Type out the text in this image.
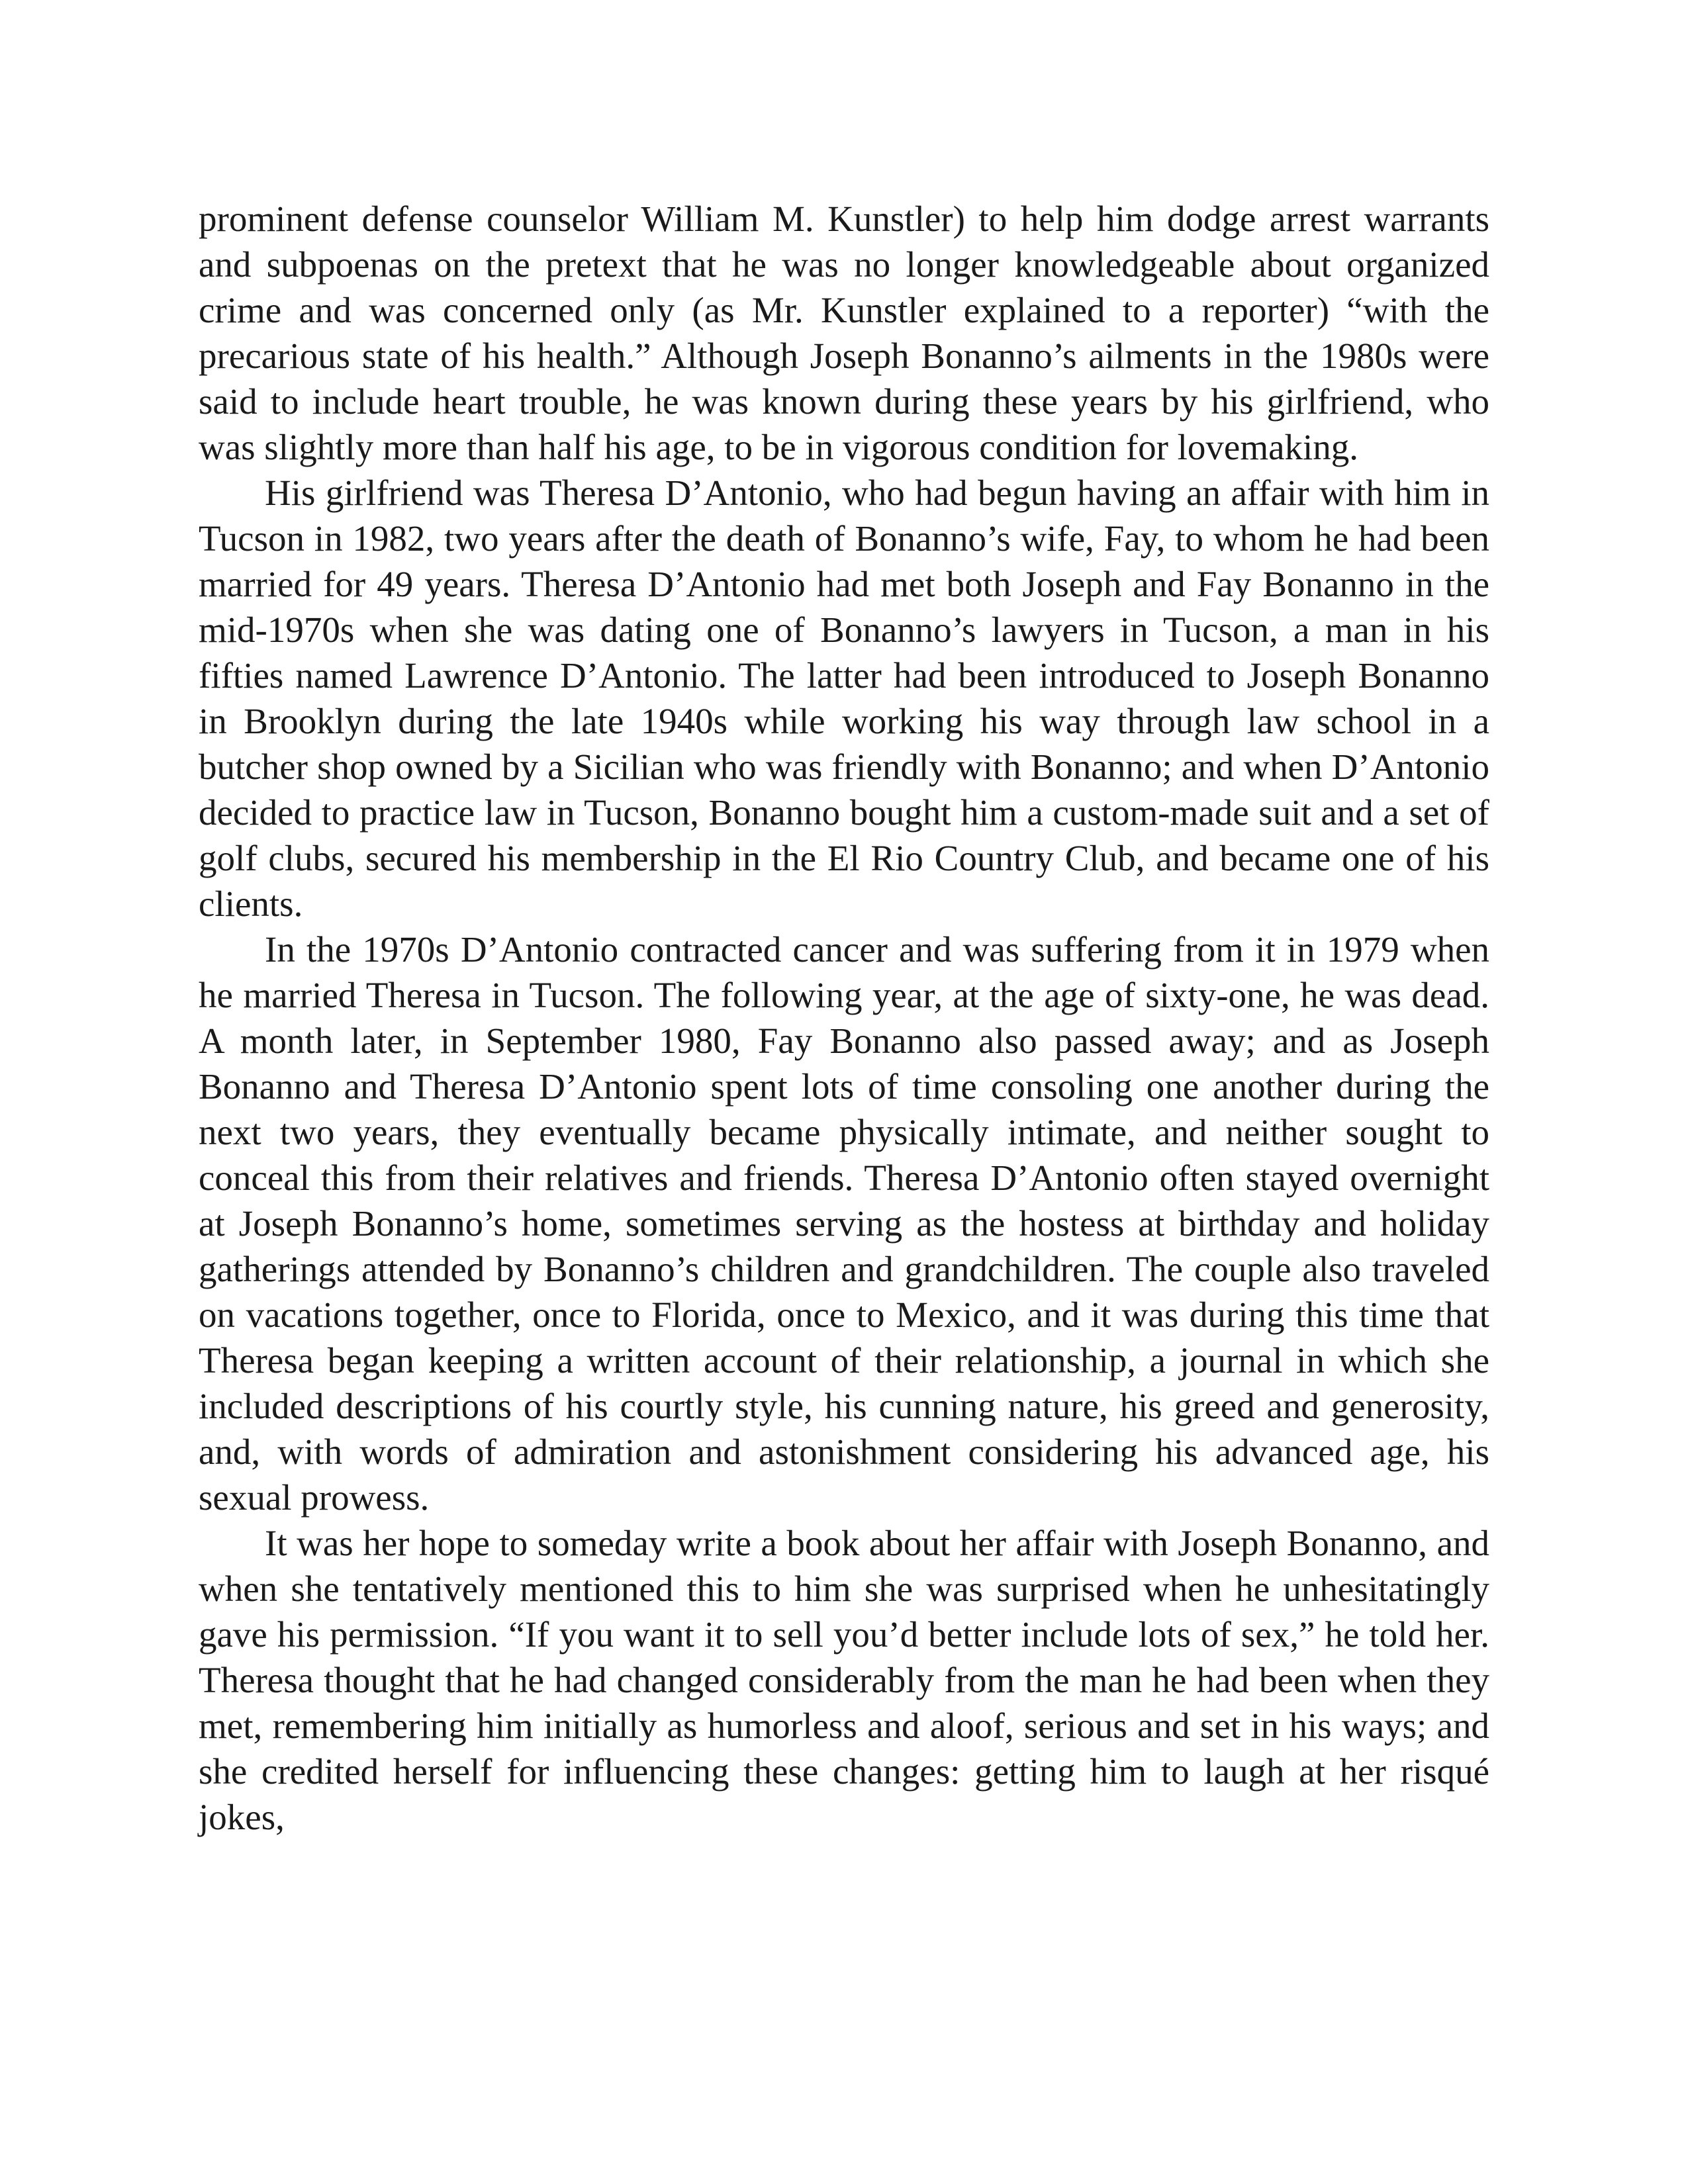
prominent defense counselor William M. Kunstler) to help him dodge arrest warrants and subpoenas on the pretext that he was no longer knowledgeable about organized crime and was concerned only (as Mr. Kunstler explained to a reporter) “with the precarious state of his health.” Although Joseph Bonanno’s ailments in the 1980s were said to include heart trouble, he was known during these years by his girlfriend, who was slightly more than half his age, to be in vigorous condition for lovemaking.

His girlfriend was Theresa D’Antonio, who had begun having an affair with him in Tucson in 1982, two years after the death of Bonanno’s wife, Fay, to whom he had been married for 49 years. Theresa D’Antonio had met both Joseph and Fay Bonanno in the mid-1970s when she was dating one of Bonanno’s lawyers in Tucson, a man in his fifties named Lawrence D’Antonio. The latter had been introduced to Joseph Bonanno in Brooklyn during the late 1940s while working his way through law school in a butcher shop owned by a Sicilian who was friendly with Bonanno; and when D’Antonio decided to practice law in Tucson, Bonanno bought him a custom-made suit and a set of golf clubs, secured his membership in the El Rio Country Club, and became one of his clients.

In the 1970s D’Antonio contracted cancer and was suffering from it in 1979 when he married Theresa in Tucson. The following year, at the age of sixty-one, he was dead. A month later, in September 1980, Fay Bonanno also passed away; and as Joseph Bonanno and Theresa D’Antonio spent lots of time consoling one another during the next two years, they eventually became physically intimate, and neither sought to conceal this from their relatives and friends. Theresa D’Antonio often stayed overnight at Joseph Bonanno’s home, sometimes serving as the hostess at birthday and holiday gatherings attended by Bonanno’s children and grandchildren. The couple also traveled on vacations together, once to Florida, once to Mexico, and it was during this time that Theresa began keeping a written account of their relationship, a journal in which she included descriptions of his courtly style, his cunning nature, his greed and generosity, and, with words of admiration and astonishment considering his advanced age, his sexual prowess.

It was her hope to someday write a book about her affair with Joseph Bonanno, and when she tentatively mentioned this to him she was surprised when he unhesitatingly gave his permission. “If you want it to sell you’d better include lots of sex,” he told her. Theresa thought that he had changed considerably from the man he had been when they met, remembering him initially as humorless and aloof, serious and set in his ways; and she credited herself for influencing these changes: getting him to laugh at her risqué jokes,
